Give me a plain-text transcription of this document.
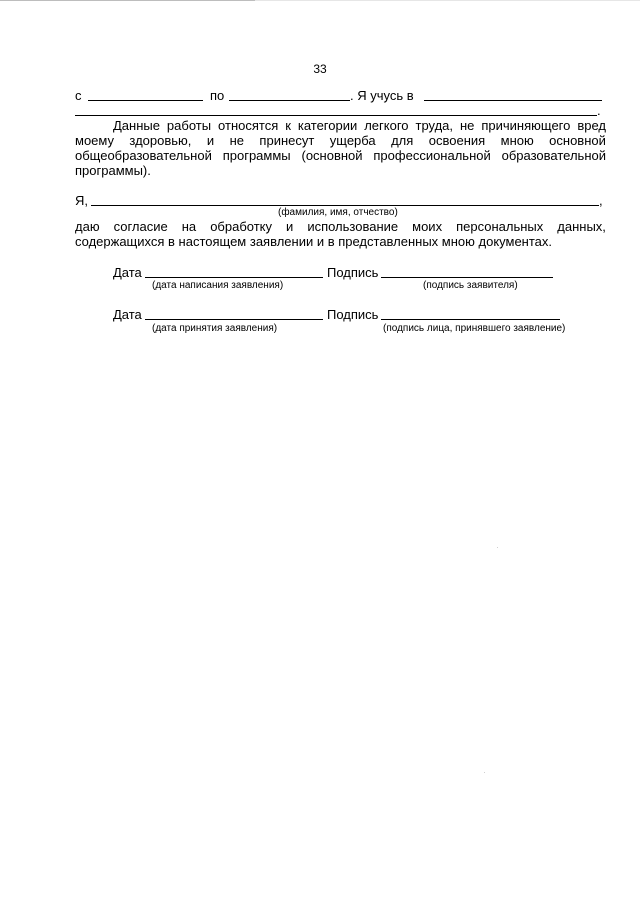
33
с	по	. Я учусь в
.
Данные работы относятся к категории легкого труда, не причиняющего вред
моему здоровью, и не принесут ущерба для освоения мною основной
общеобразовательной программы (основной профессиональной образовательной
программы).
Я,	,
(фамилия, имя, отчество)
даю согласие на обработку и использование моих персональных данных,
содержащихся в настоящем заявлении и в представленных мною документах.
Дата	Подпись
(дата написания заявления)	(подпись заявителя)
Дата	Подпись
(дата принятия заявления)	(подпись лица, принявшего заявление)
